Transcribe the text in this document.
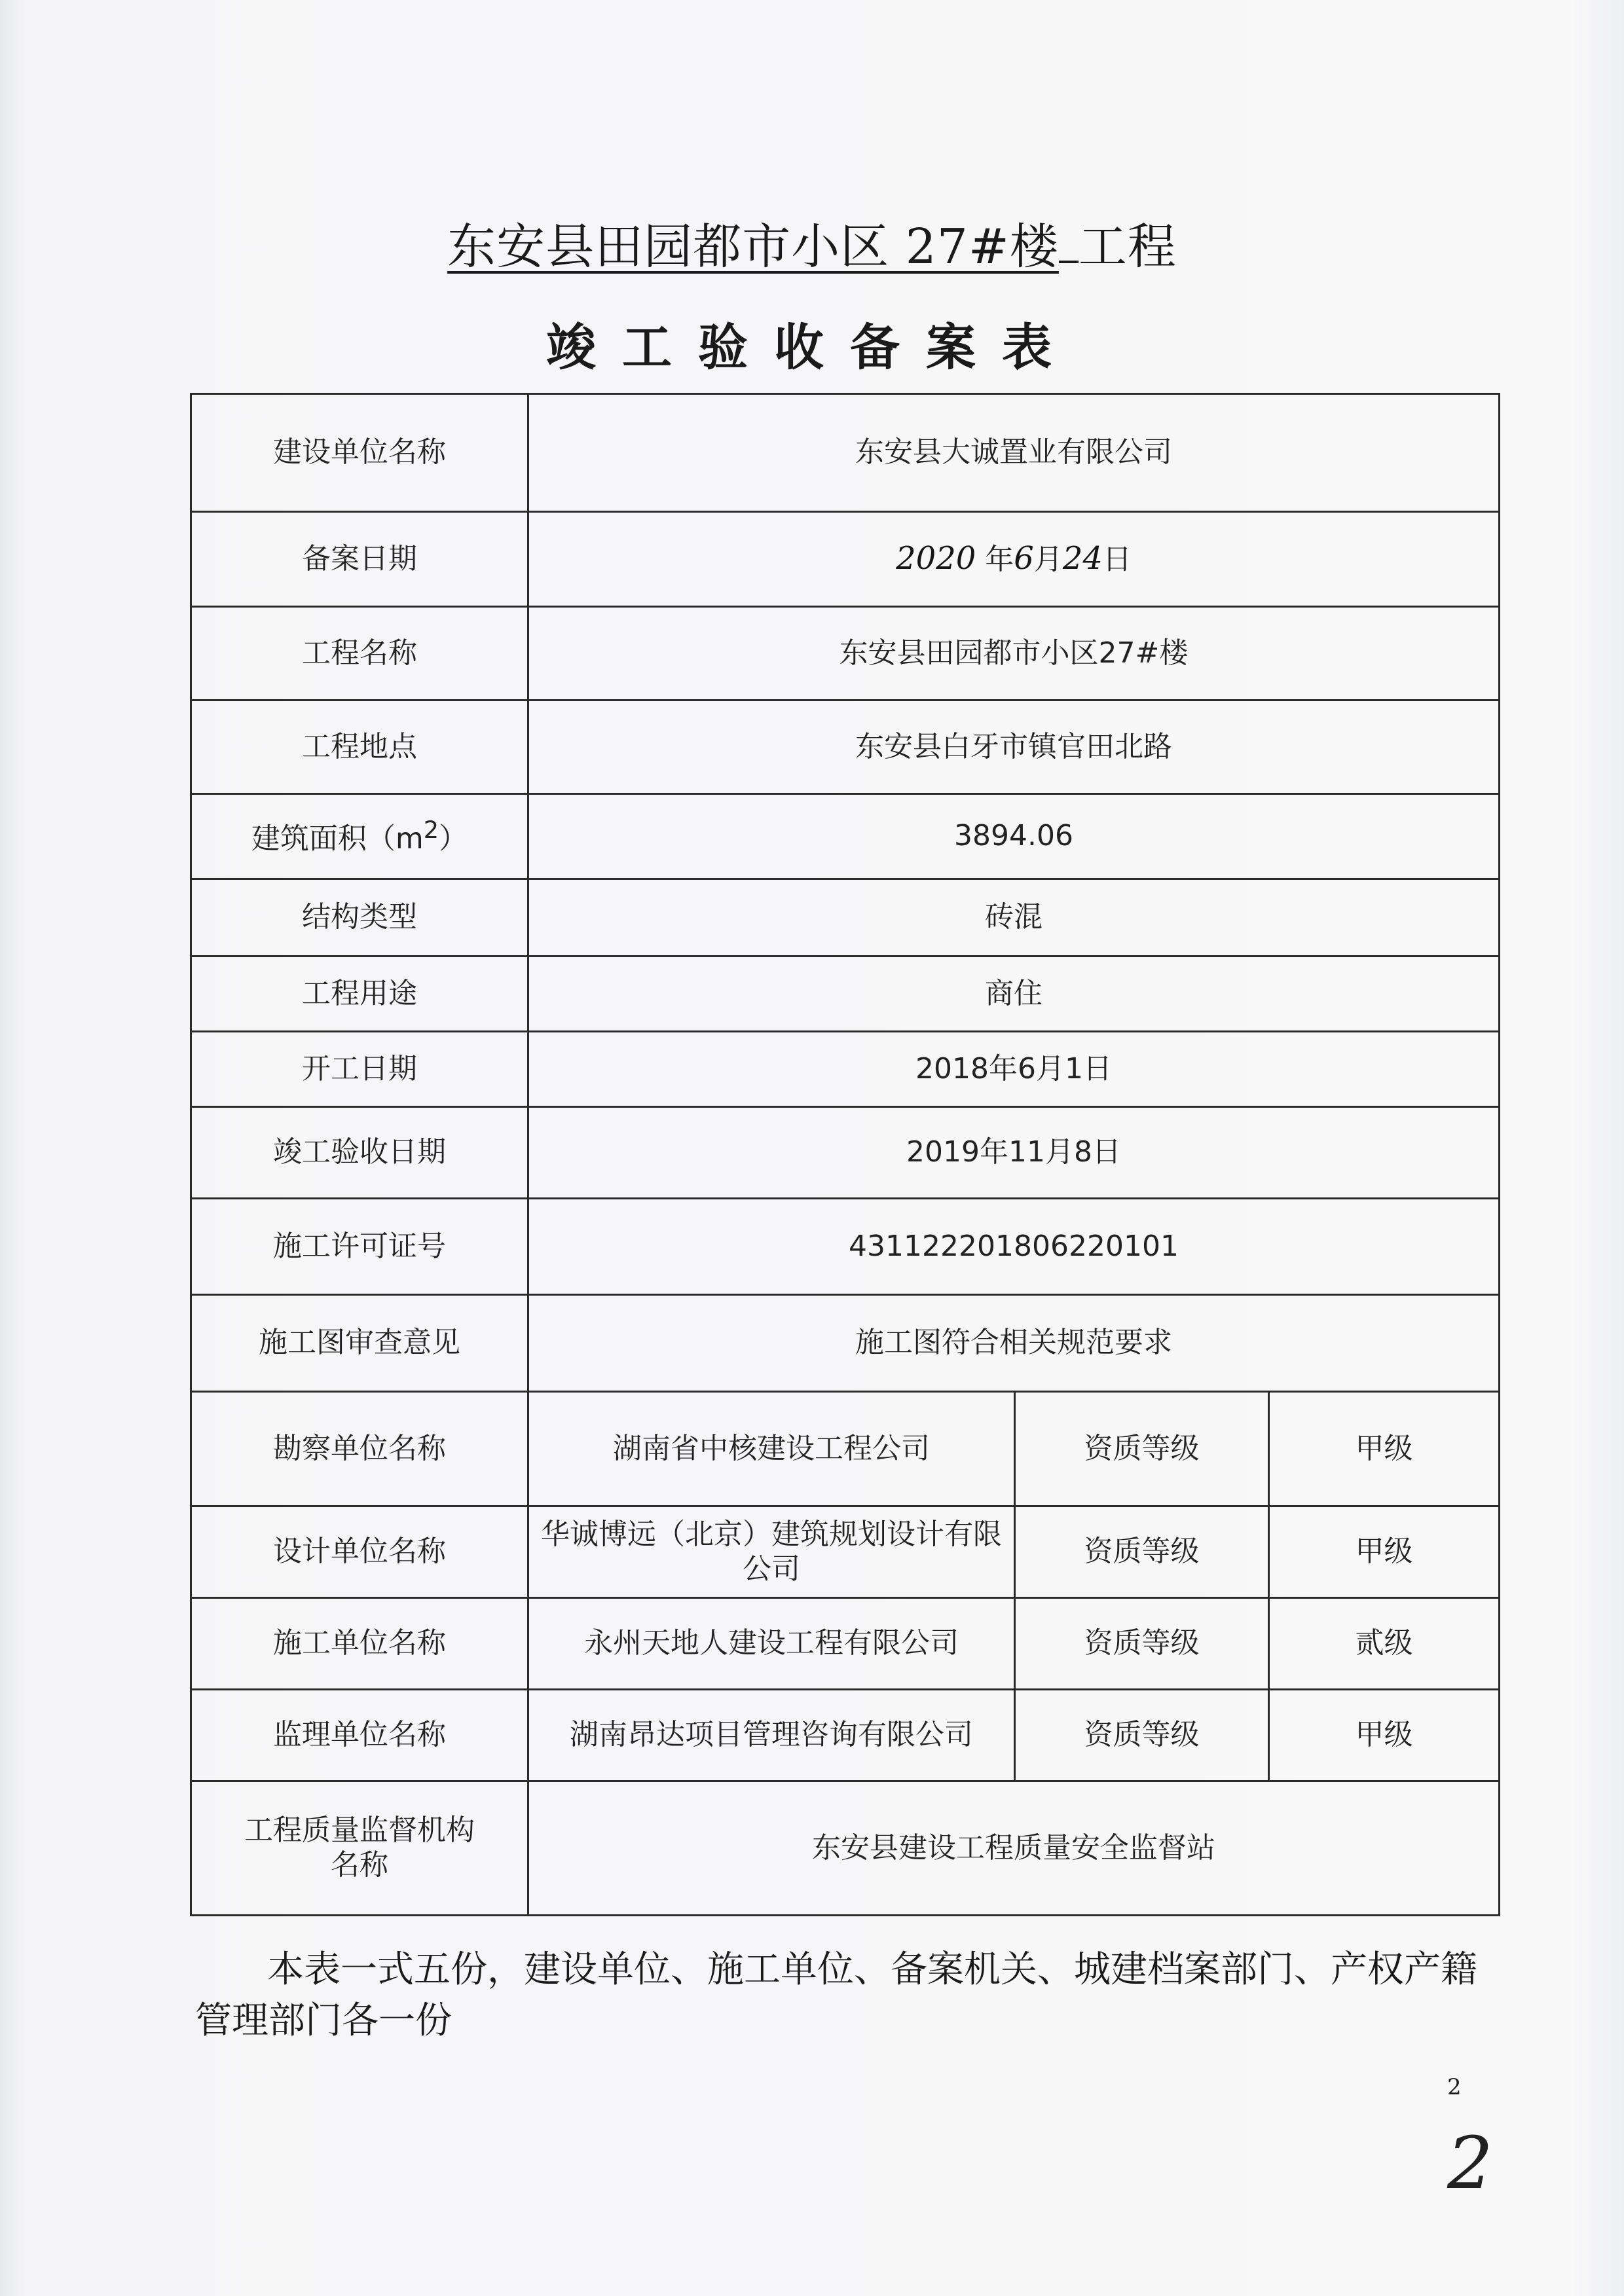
东安县田园都市小区 27#楼 工程
竣工验收备案表
建设单位名称	东安县大诚置业有限公司		
备案日期	2020 年6月24日		
工程名称	东安县田园都市小区27#楼		
工程地点	东安县白牙市镇官田北路		
建筑面积$(m^2)$	3894.06		
结构类型	砖混		
工程用途	商住		
开工日期	2018年6月1日		
竣工验收日期	2019年11月8日		
施工许可证号	431122201806220101		
施工图审查意见	施工图符合相关规范要求		
勘察单位名称	湖南省中核建设工程公司	资质等级	甲级
设计单位名称	华诚博远（北京）建筑规划设计有限公司	资质等级	甲级
施工单位名称	永州天地人建设工程有限公司	资质等级	贰级
监理单位名称	湖南昂达项目管理咨询有限公司	资质等级	甲级
工程质量监督机构名称	东安县建设工程质量安全监督站		
本表一式五份，建设单位、施工单位、备案机关、城建档案部门、产权产籍管理部门各一份
2
2
